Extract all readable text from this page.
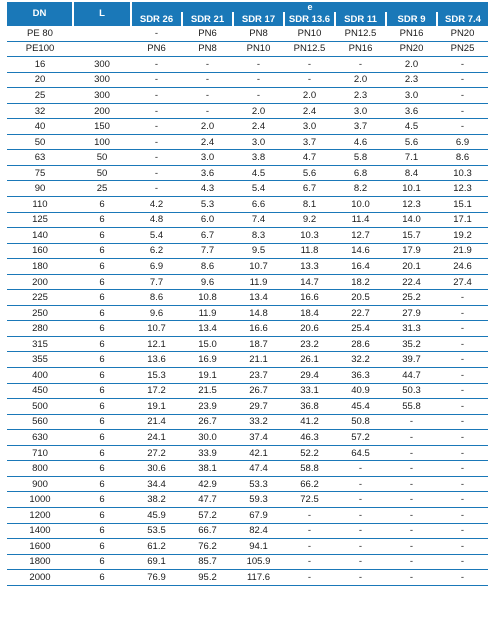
DN	L	e						
		SDR 26	SDR 21	SDR 17	SDR 13.6	SDR 11	SDR 9	SDR 7.4
PE 80		-	PN6	PN8	PN10	PN12.5	PN16	PN20
PE100		PN6	PN8	PN10	PN12.5	PN16	PN20	PN25
16	300	-	-	-	-	-	2.0	-
20	300	-	-	-	-	2.0	2.3	-
25	300	-	-	-	2.0	2.3	3.0	-
32	200	-	-	2.0	2.4	3.0	3.6	-
40	150	-	2.0	2.4	3.0	3.7	4.5	-
50	100	-	2.4	3.0	3.7	4.6	5.6	6.9
63	50	-	3.0	3.8	4.7	5.8	7.1	8.6
75	50	-	3.6	4.5	5.6	6.8	8.4	10.3
90	25	-	4.3	5.4	6.7	8.2	10.1	12.3
110	6	4.2	5.3	6.6	8.1	10.0	12.3	15.1
125	6	4.8	6.0	7.4	9.2	11.4	14.0	17.1
140	6	5.4	6.7	8.3	10.3	12.7	15.7	19.2
160	6	6.2	7.7	9.5	11.8	14.6	17.9	21.9
180	6	6.9	8.6	10.7	13.3	16.4	20.1	24.6
200	6	7.7	9.6	11.9	14.7	18.2	22.4	27.4
225	6	8.6	10.8	13.4	16.6	20.5	25.2	-
250	6	9.6	11.9	14.8	18.4	22.7	27.9	-
280	6	10.7	13.4	16.6	20.6	25.4	31.3	-
315	6	12.1	15.0	18.7	23.2	28.6	35.2	-
355	6	13.6	16.9	21.1	26.1	32.2	39.7	-
400	6	15.3	19.1	23.7	29.4	36.3	44.7	-
450	6	17.2	21.5	26.7	33.1	40.9	50.3	-
500	6	19.1	23.9	29.7	36.8	45.4	55.8	-
560	6	21.4	26.7	33.2	41.2	50.8	-	-
630	6	24.1	30.0	37.4	46.3	57.2	-	-
710	6	27.2	33.9	42.1	52.2	64.5	-	-
800	6	30.6	38.1	47.4	58.8	-	-	-
900	6	34.4	42.9	53.3	66.2	-	-	-
1000	6	38.2	47.7	59.3	72.5	-	-	-
1200	6	45.9	57.2	67.9	-	-	-	-
1400	6	53.5	66.7	82.4	-	-	-	-
1600	6	61.2	76.2	94.1	-	-	-	-
1800	6	69.1	85.7	105.9	-	-	-	-
2000	6	76.9	95.2	117.6	-	-	-	-
